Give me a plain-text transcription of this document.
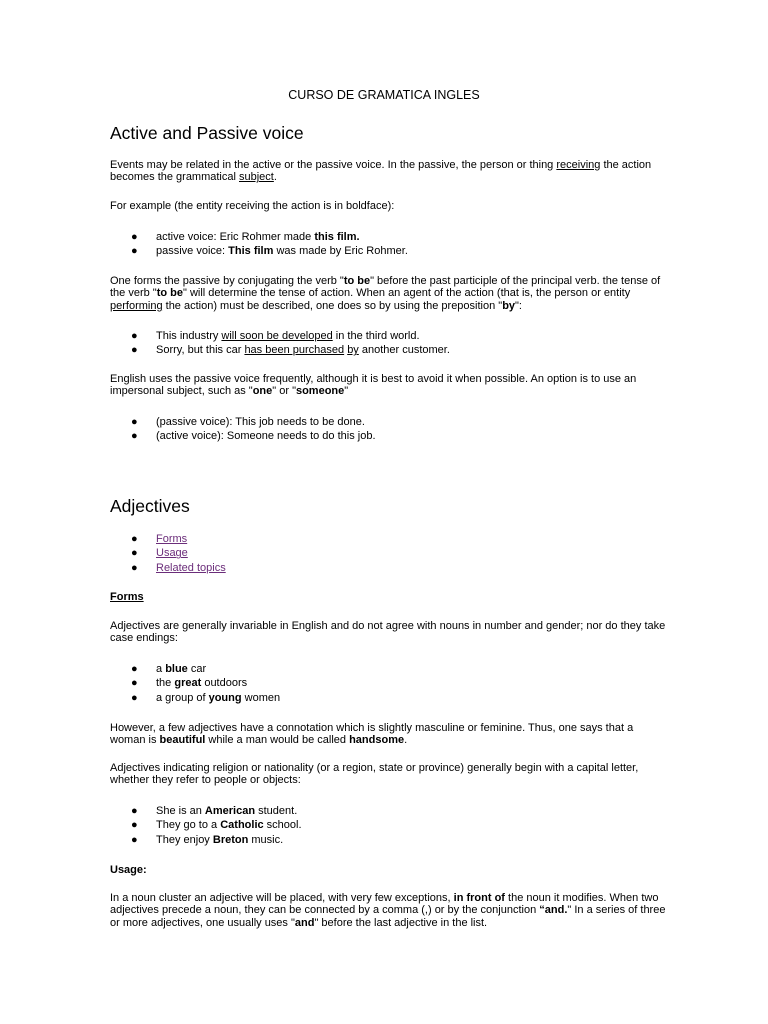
CURSO DE GRAMATICA INGLES

Active and Passive voice

Events may be related in the active or the passive voice. In the passive, the person or thing receiving the action becomes the grammatical subject.

For example (the entity receiving the action is in boldface):

● active voice: Eric Rohmer made this film.
● passive voice: This film was made by Eric Rohmer.

One forms the passive by conjugating the verb "to be" before the past participle of the principal verb. the tense of the verb "to be" will determine the tense of action. When an agent of the action (that is, the person or entity performing the action) must be described, one does so by using the preposition "by":

● This industry will soon be developed in the third world.
● Sorry, but this car has been purchased by another customer.

English uses the passive voice frequently, although it is best to avoid it when possible. An option is to use an impersonal subject, such as "one" or "someone"

● (passive voice): This job needs to be done.
● (active voice): Someone needs to do this job.
Adjectives
● Forms
● Usage
● Related topics

Forms

Adjectives are generally invariable in English and do not agree with nouns in number and gender; nor do they take case endings:

● a blue car
● the great outdoors
● a group of young women

However, a few adjectives have a connotation which is slightly masculine or feminine. Thus, one says that a woman is beautiful while a man would be called handsome.

Adjectives indicating religion or nationality (or a region, state or province) generally begin with a capital letter, whether they refer to people or objects:

● She is an American student.
● They go to a Catholic school.
● They enjoy Breton music.

Usage:

In a noun cluster an adjective will be placed, with very few exceptions, in front of the noun it modifies. When two adjectives precede a noun, they can be connected by a comma (,) or by the conjunction “and." In a series of three or more adjectives, one usually uses "and" before the last adjective in the list.
